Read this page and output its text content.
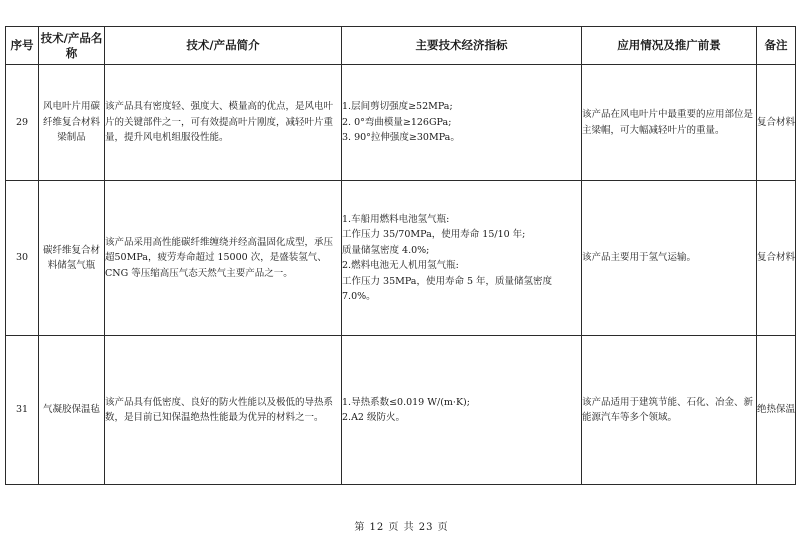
序号	技术/产品名称	技术/产品简介	主要技术经济指标	应用情况及推广前景	备注
29	风电叶片用碳纤维复合材料梁制品	该产品具有密度轻、强度大、模量高的优点，是风电叶片的关键部件之一，可有效提高叶片刚度，减轻叶片重量，提升风电机组服役性能。	1.层间剪切强度≥52MPa;
2. 0°弯曲模量≥126GPa;
3. 90°拉伸强度≥30MPa。	该产品在风电叶片中最重要的应用部位是主梁帽，可大幅减轻叶片的重量。	复合材料
30	碳纤维复合材料储氢气瓶	该产品采用高性能碳纤维缠绕并经高温固化成型，承压超50MPa，疲劳寿命超过 15000 次，是盛装氢气、CNG 等压缩高压气态天然气主要产品之一。	1.车船用燃料电池氢气瓶:
工作压力 35/70MPa，使用寿命 15/10 年;
质量储氢密度 4.0%;
2.燃料电池无人机用氢气瓶:
工作压力 35MPa，使用寿命 5 年，质量储氢密度 7.0%。	该产品主要用于氢气运输。	复合材料
31	气凝胶保温毡	该产品具有低密度、良好的防火性能以及极低的导热系数，是目前已知保温绝热性能最为优异的材料之一。	1.导热系数≤0.019 W/(m·K);
2.A2 级防火。	该产品适用于建筑节能、石化、冶金、新能源汽车等多个领域。	绝热保温
第 12 页 共 23 页
